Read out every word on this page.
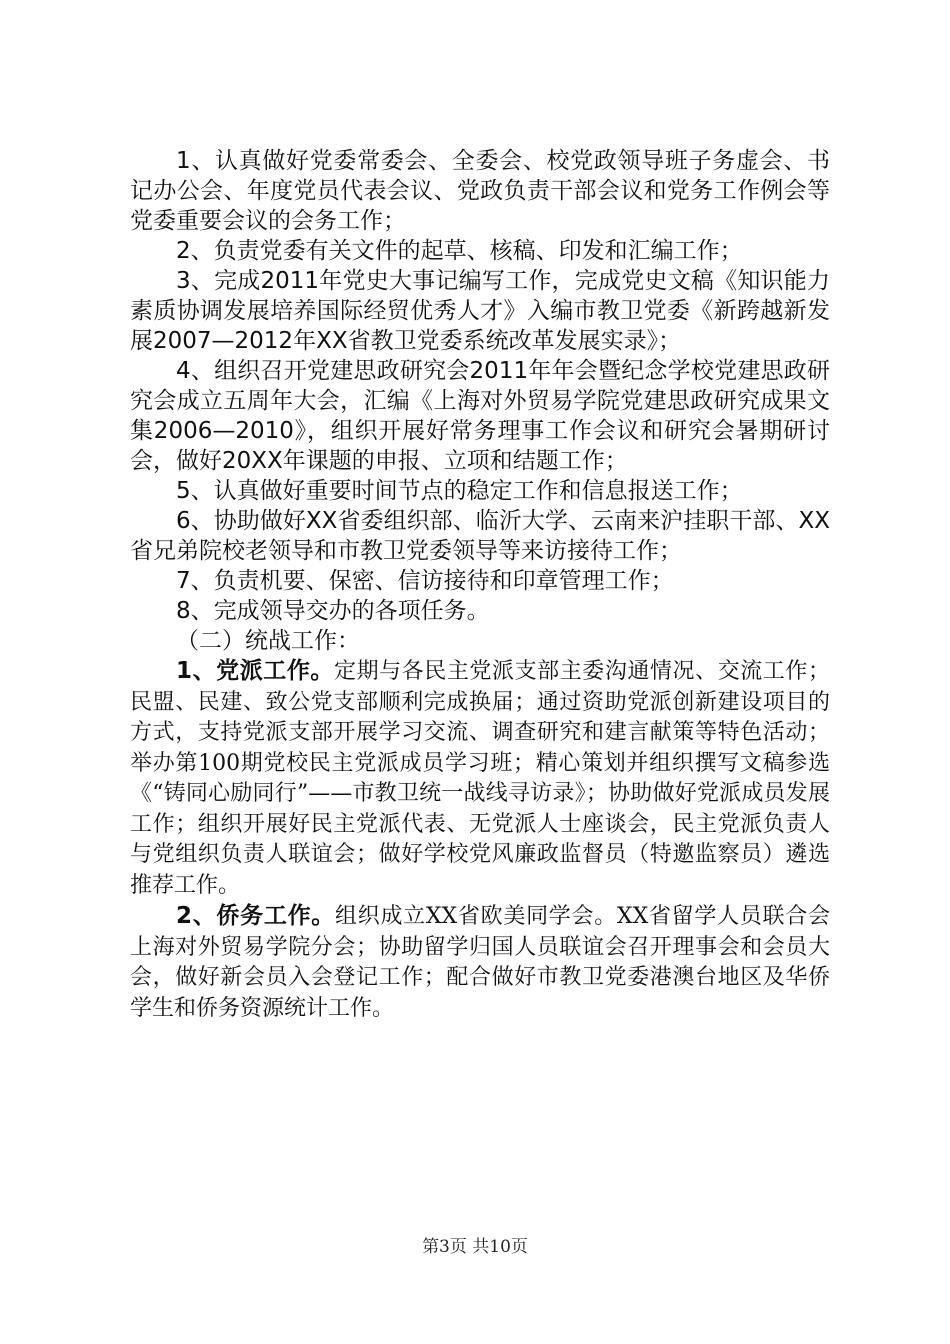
1、认真做好党委常委会、全委会、校党政领导班子务虚会、书记办公会、年度党员代表会议、党政负责干部会议和党务工作例会等党委重要会议的会务工作；

2、负责党委有关文件的起草、核稿、印发和汇编工作；

3、完成2011年党史大事记编写工作，完成党史文稿《知识能力素质协调发展培养国际经贸优秀人才》入编市教卫党委《新跨越新发展2007—2012年XX省教卫党委系统改革发展实录》；

4、组织召开党建思政研究会2011年年会暨纪念学校党建思政研究会成立五周年大会，汇编《上海对外贸易学院党建思政研究成果文集2006—2010》，组织开展好常务理事工作会议和研究会暑期研讨会，做好20XX年课题的申报、立项和结题工作；

5、认真做好重要时间节点的稳定工作和信息报送工作；

6、协助做好XX省委组织部、临沂大学、云南来沪挂职干部、XX省兄弟院校老领导和市教卫党委领导等来访接待工作；

7、负责机要、保密、信访接待和印章管理工作；

8、完成领导交办的各项任务。

（二）统战工作：

1、党派工作。定期与各民主党派支部主委沟通情况、交流工作；民盟、民建、致公党支部顺利完成换届；通过资助党派创新建设项目的方式，支持党派支部开展学习交流、调查研究和建言献策等特色活动；举办第100期党校民主党派成员学习班；精心策划并组织撰写文稿参选《“铸同心励同行”——市教卫统一战线寻访录》；协助做好党派成员发展工作；组织开展好民主党派代表、无党派人士座谈会，民主党派负责人与党组织负责人联谊会；做好学校党风廉政监督员（特邀监察员）遴选推荐工作。

2、侨务工作。组织成立XX省欧美同学会。XX省留学人员联合会上海对外贸易学院分会；协助留学归国人员联谊会召开理事会和会员大会，做好新会员入会登记工作；配合做好市教卫党委港澳台地区及华侨学生和侨务资源统计工作。

第3页 共10页
